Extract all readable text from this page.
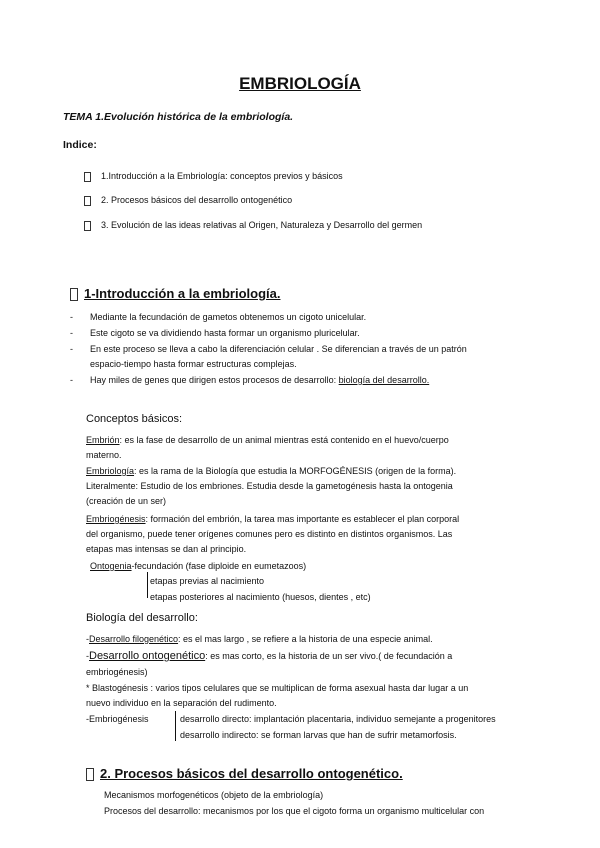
EMBRIOLOGÍA
TEMA 1.Evolución histórica de la embriología.
Indice:
1.Introducción a la Embriología: conceptos previos y básicos
2. Procesos básicos del desarrollo ontogenético
3. Evolución de las ideas relativas al Origen, Naturaleza y Desarrollo del germen
1-Introducción a la embriología.
- Mediante la fecundación de gametos obtenemos un cigoto unicelular.
- Este cigoto se va dividiendo hasta formar un organismo pluricelular.
- En este proceso se lleva a cabo la diferenciación celular . Se diferencian a través de un patrón
espacio-tiempo hasta formar estructuras complejas.
- Hay miles de genes que dirigen estos procesos de desarrollo: biología del desarrollo.
Conceptos básicos:
Embrión: es la fase de desarrollo de un animal mientras está contenido en el huevo/cuerpo
materno.
Embriología: es la rama de la Biología que estudia la MORFOGÉNESIS (origen de la forma).
Literalmente: Estudio de los embriones. Estudia desde la gametogénesis hasta la ontogenia
(creación de un ser)
Embriogénesis: formación del embrión, la tarea mas importante es establecer el plan corporal
del organismo, puede tener orígenes comunes pero es distinto en distintos organismos. Las
etapas mas intensas se dan al principio.
Ontogenia-fecundación (fase diploide en eumetazoos)
etapas previas al nacimiento
etapas posteriores al nacimiento (huesos, dientes , etc)
Biología del desarrollo:
-Desarrollo filogenético: es el mas largo , se refiere a la historia de una especie animal.
-Desarrollo ontogenético: es mas corto, es la historia de un ser vivo.( de fecundación a
embriogénesis)
* Blastogénesis : varios tipos celulares que se multiplican de forma asexual hasta dar lugar a un
nuevo individuo en la separación del rudimento.
-Embriogénesis	desarrollo directo: implantación placentaria, individuo semejante a progenitores
desarrollo indirecto: se forman larvas que han de sufrir metamorfosis.
2. Procesos básicos del desarrollo ontogenético.
Mecanismos morfogenéticos (objeto de la embriología)
Procesos del desarrollo: mecanismos por los que el cigoto forma un organismo multicelular con
